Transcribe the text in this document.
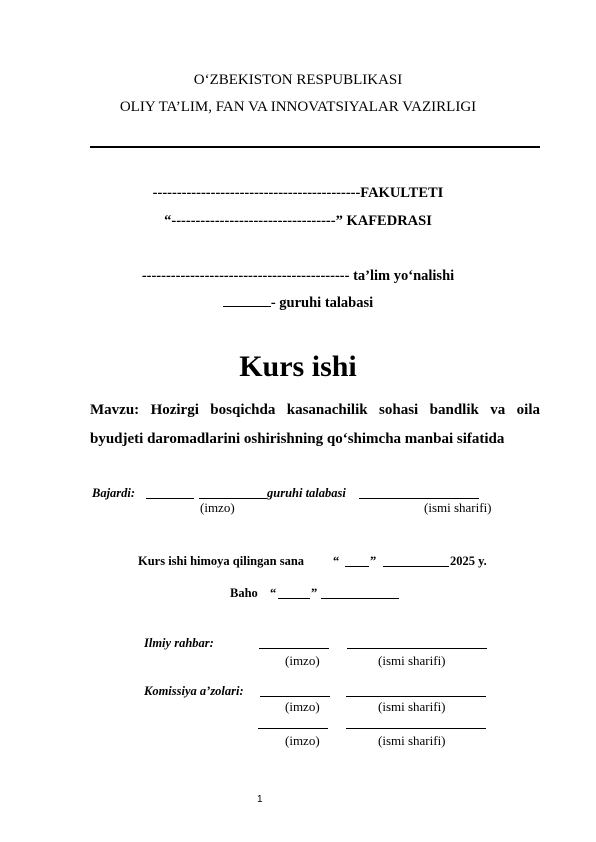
O‘ZBEKISTON RESPUBLIKASI
OLIY TA’LIM, FAN VA INNOVATSIYALAR VAZIRLIGI
-------------------------------------------FAKULTETI
“----------------------------------” KAFEDRASI
------------------------------------------- ta’lim yo‘nalishi
- guruhi talabasi
Kurs ishi
Mavzu: Hozirgi bosqichda kasanachilik sohasi bandlik va oila byudjeti daromadlarini oshirishning qo‘shimcha manbai sifatida
Bajardi:	guruhi talabasi
(imzo)	(ismi sharifi)
Kurs ishi himoya qilingan sana “ ”	2025 y.
Baho “	”
Ilmiy rahbar:
(imzo)	(ismi sharifi)
Komissiya a’zolari:
(imzo)	(ismi sharifi)
(imzo)	(ismi sharifi)
1
